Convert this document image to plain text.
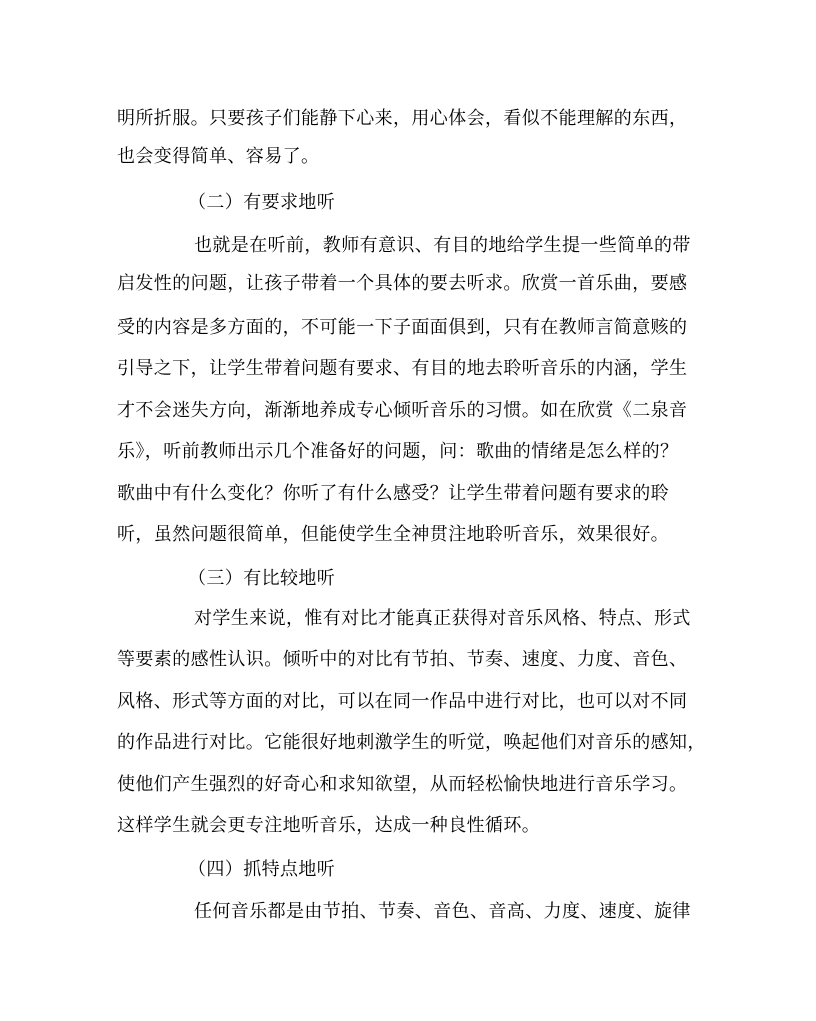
明所折服。只要孩子们能静下心来，用心体会，看似不能理解的东西，

也会变得简单、容易了。

（二）有要求地听

也就是在听前，教师有意识、有目的地给学生提一些简单的带

启发性的问题，让孩子带着一个具体的要去听求。欣赏一首乐曲，要感

受的内容是多方面的，不可能一下子面面俱到，只有在教师言简意赅的

引导之下，让学生带着问题有要求、有目的地去聆听音乐的内涵，学生

才不会迷失方向，渐渐地养成专心倾听音乐的习惯。如在欣赏《二泉音

乐》，听前教师出示几个准备好的问题，问：歌曲的情绪是怎么样的？

歌曲中有什么变化？你听了有什么感受？让学生带着问题有要求的聆

听，虽然问题很简单，但能使学生全神贯注地聆听音乐，效果很好。

（三）有比较地听

对学生来说，惟有对比才能真正获得对音乐风格、特点、形式

等要素的感性认识。倾听中的对比有节拍、节奏、速度、力度、音色、

风格、形式等方面的对比，可以在同一作品中进行对比，也可以对不同

的作品进行对比。它能很好地刺激学生的听觉，唤起他们对音乐的感知，

使他们产生强烈的好奇心和求知欲望，从而轻松愉快地进行音乐学习。

这样学生就会更专注地听音乐，达成一种良性循环。

（四）抓特点地听

任何音乐都是由节拍、节奏、音色、音高、力度、速度、旋律
